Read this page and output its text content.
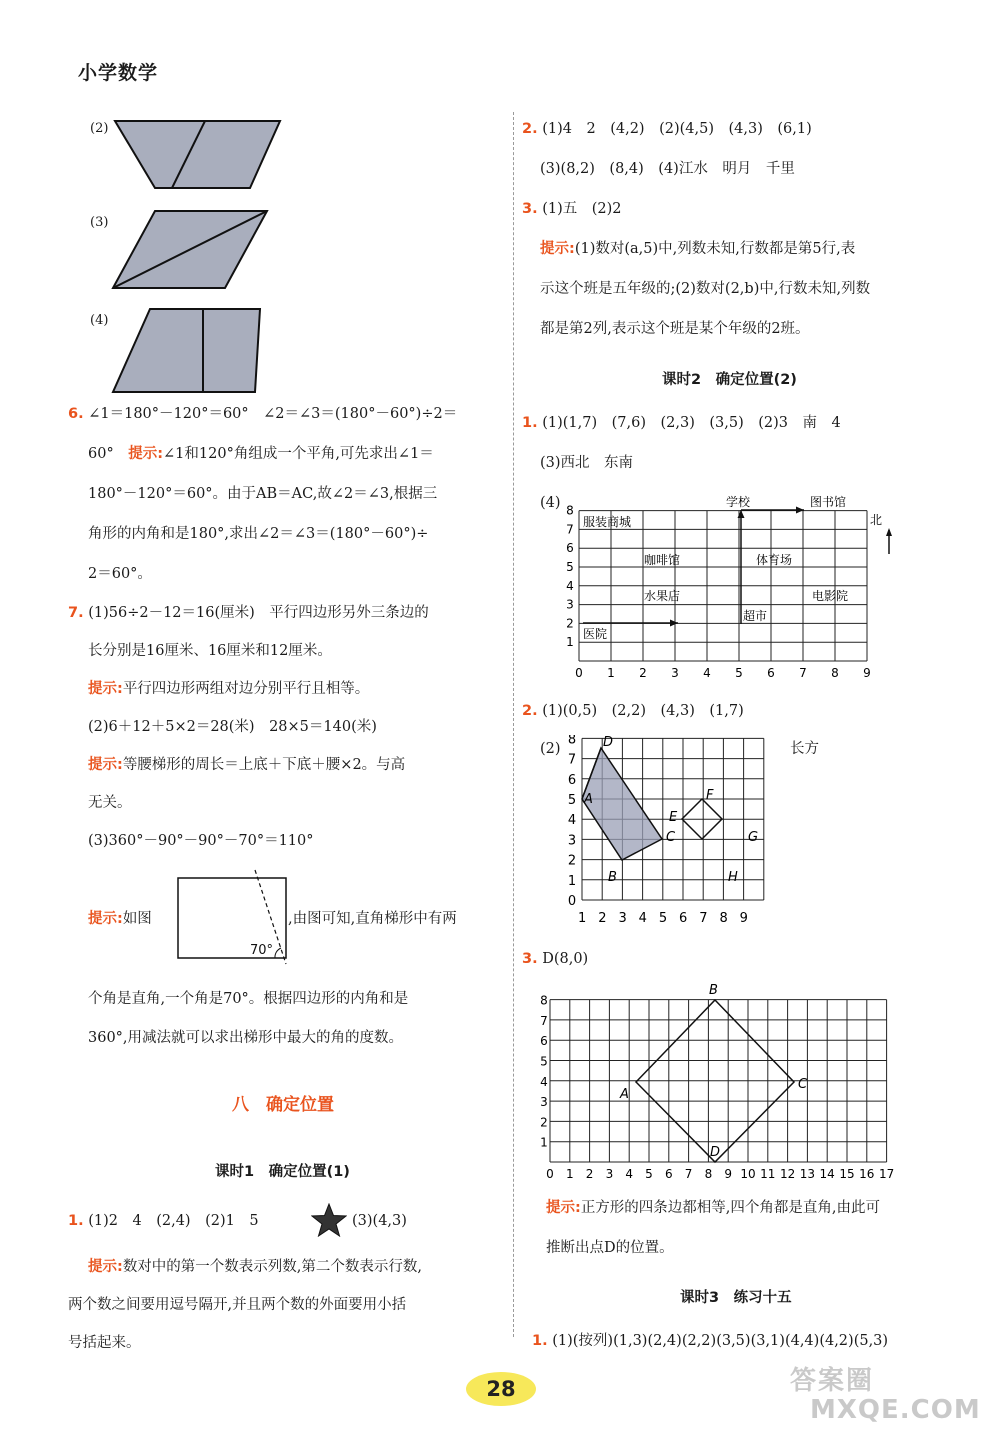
小学数学
(2)
(3)
(4)
6. ∠1＝180°－120°＝60°　∠2＝∠3＝(180°－60°)÷2＝
60°　 提示:∠1和120°角组成一个平角,可先求出∠1＝
180°－120°＝60°。由于AB＝AC,故∠2＝∠3,根据三
角形的内角和是180°,求出∠2＝∠3＝(180°－60°)÷
2＝60°。
7. (1)56÷2－12＝16(厘米)　平行四边形另外三条边的
长分别是16厘米、16厘米和12厘米。
提示:平行四边形两组对边分别平行且相等。
(2)6＋12＋5×2＝28(米)　28×5＝140(米)
提示:等腰梯形的周长＝上底＋下底＋腰×2。与高
无关。
(3)360°－90°－90°－70°＝110°
提示:如图
70°
,由图可知,直角梯形中有两
个角是直角,一个角是70°。根据四边形的内角和是
360°,用减法就可以求出梯形中最大的角的度数。
八　确定位置
课时1　确定位置(1)
1. (1)2　4　(2,4)　(2)1　5	(3)(4,3)
提示:数对中的第一个数表示列数,第二个数表示行数,
两个数之间要用逗号隔开,并且两个数的外面要用小括
号括起来。
2. (1)4　2　(4,2)　(2)(4,5)　(4,3)　(6,1)
(3)(8,2)　(8,4)　(4)江水　明月　千里
3. (1)五　(2)2
提示:(1)数对(a,5)中,列数未知,行数都是第5行,表
示这个班是五年级的;(2)数对(2,b)中,行数未知,列数
都是第2列,表示这个班是某个年级的2班。
课时2　确定位置(2)
1. (1)(1,7)　(7,6)　(2,3)　(3,5)　(2)3　南　4
(3)西北　东南
(4)
0 1 2 3 4 5 6 7 8 9
1
2
3
4
5
6
7
8
北
服装商城
学校	图书馆
咖啡馆	体育场
水果店	电影院
超市
医院
2. (1)(0,5)　(2,2)　(4,3)　(1,7)
(2)	长方
1 2 3 4 5 6 7 8 9
0
1
2
3
4
5
6
7
8 D
A
E
F
C	G
B	H
3. D(8,0)
0 1 2 3 4 5 6 7 8 9 10 11 12 13 14 15 16 17
1
2
3
4
5
6
7
8
B
A
C
D
提示:正方形的四条边都相等,四个角都是直角,由此可
推断出点D的位置。
课时3　练习十五
1. (1)(按列)(1,3)(2,4)(2,2)(3,5)(3,1)(4,4)(4,2)(5,3)
28	答案圈
MXQE.COM
